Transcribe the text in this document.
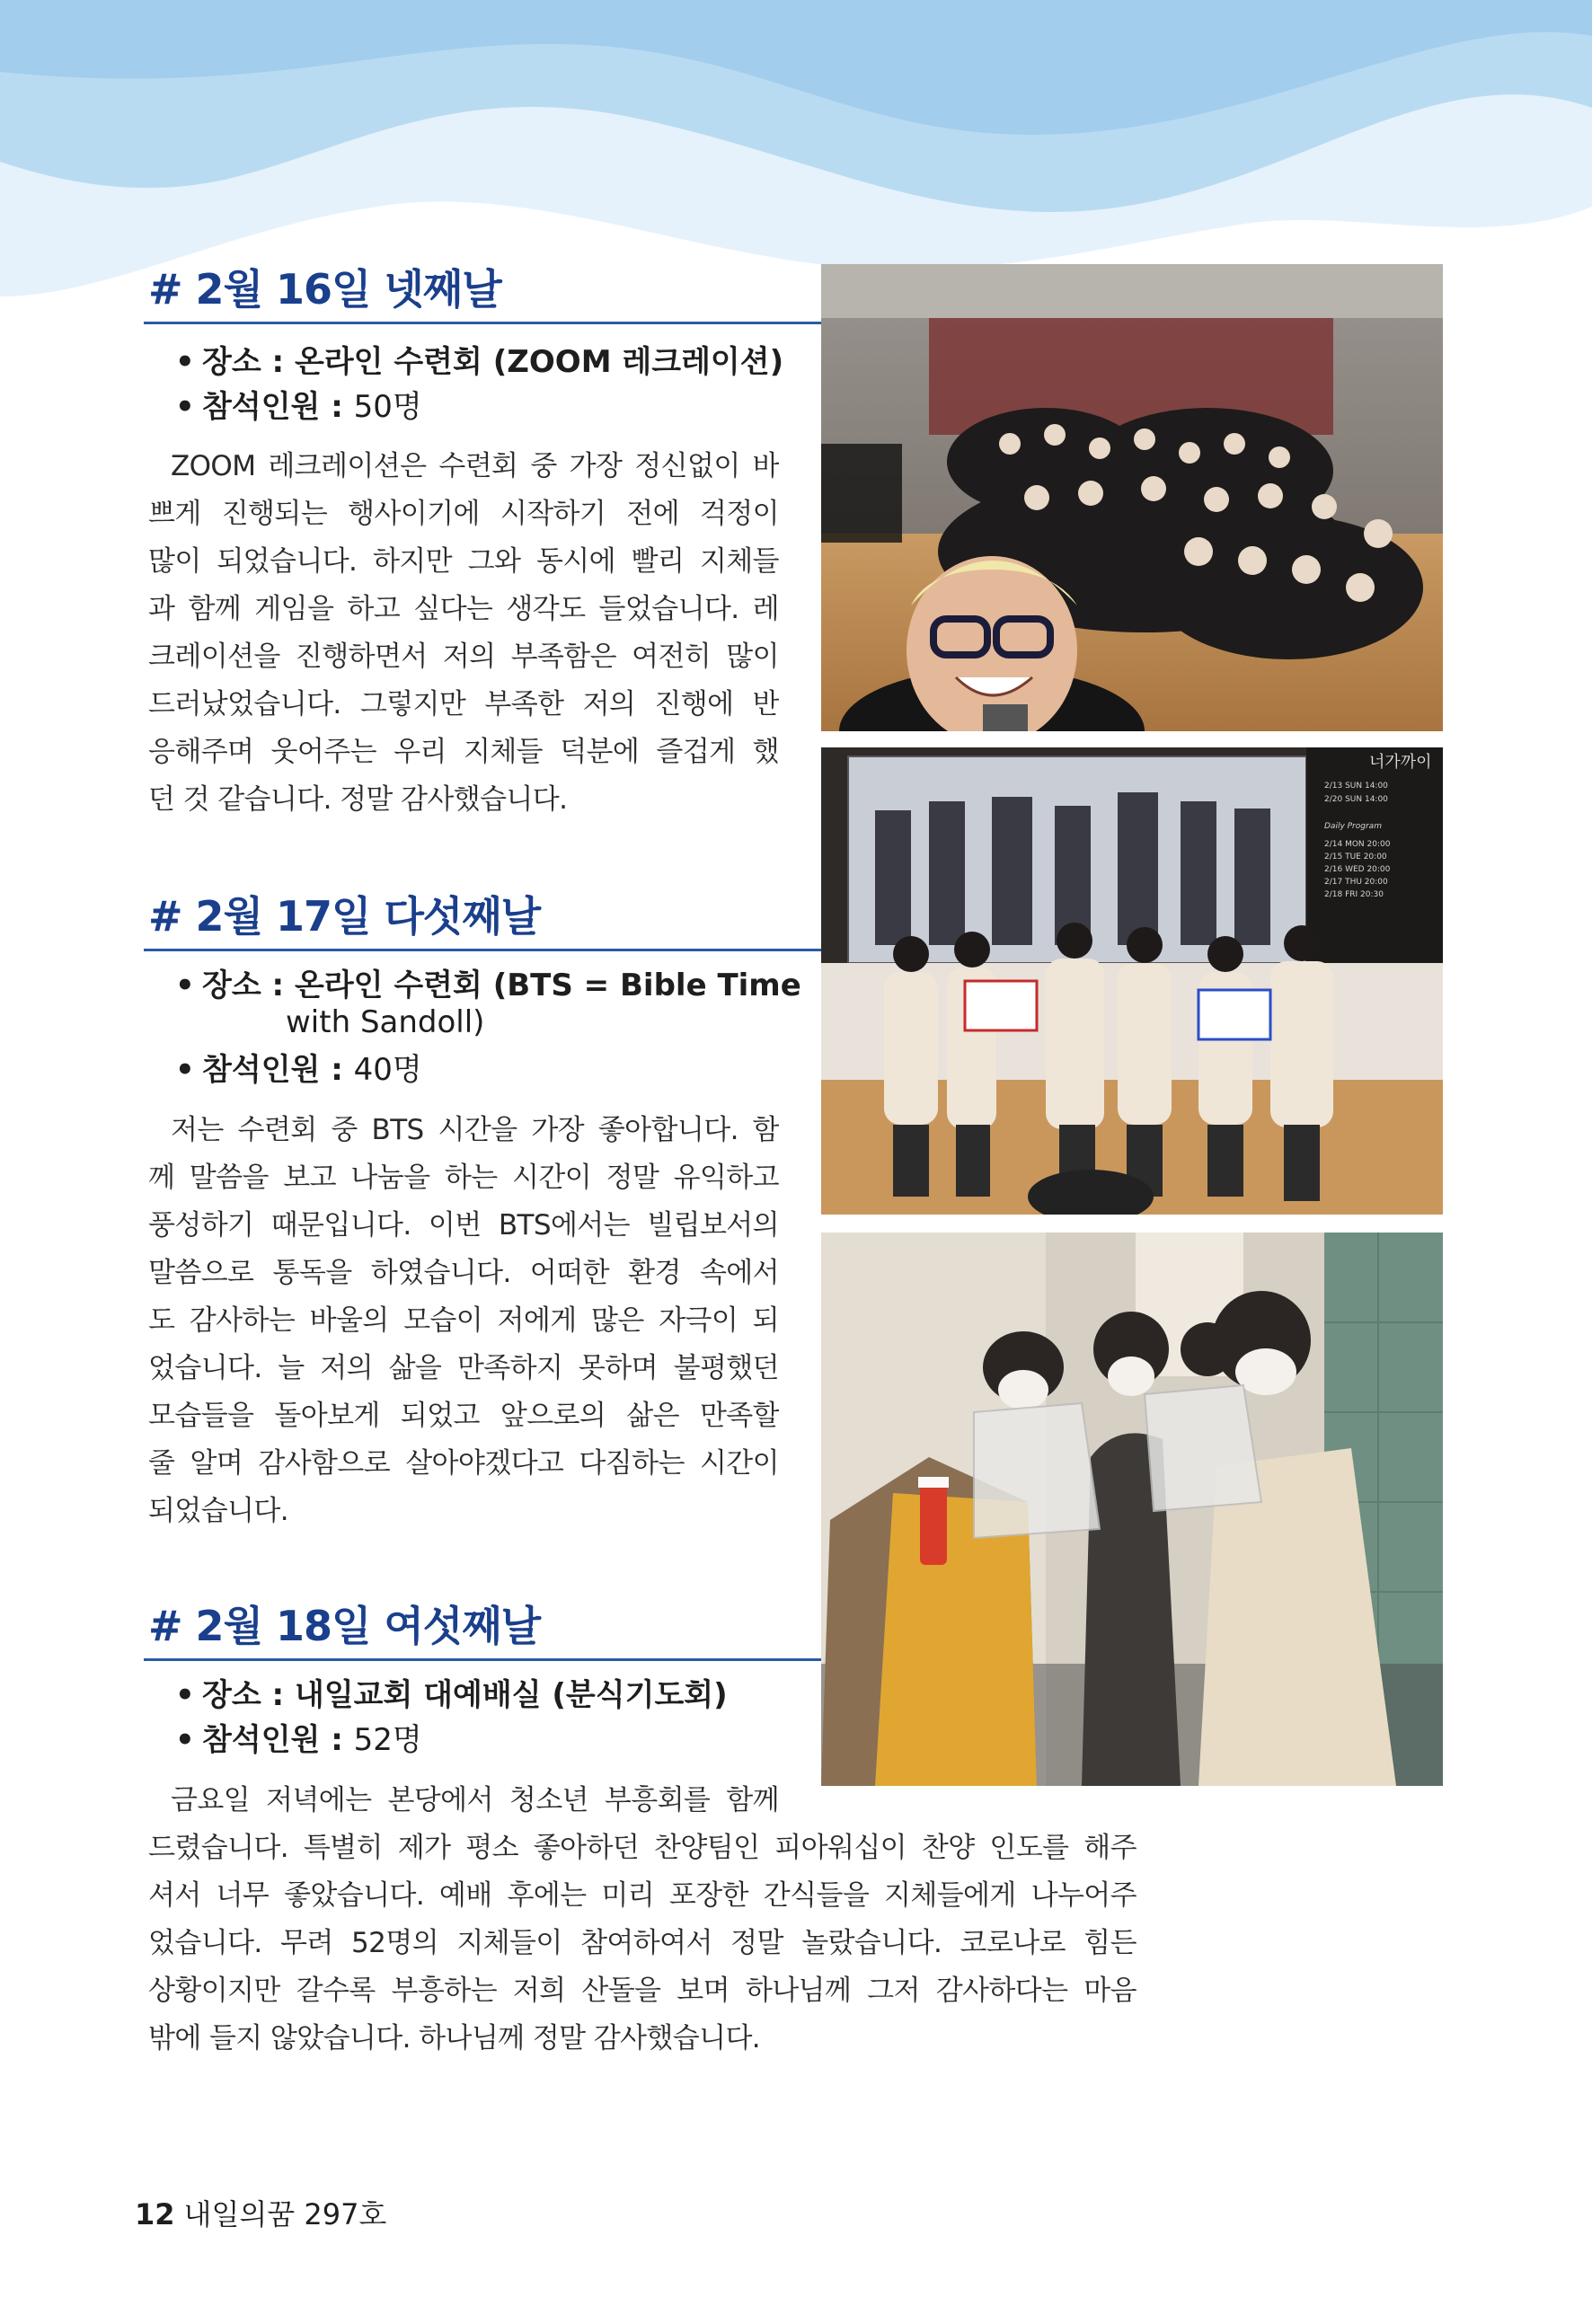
# 2월 16일 넷째날
• 장소 : 온라인 수련회 (ZOOM 레크레이션)
• 참석인원 : 50명
ZOOM 레크레이션은 수련회 중 가장 정신없이 바
쁘게 진행되는 행사이기에 시작하기 전에 걱정이
많이 되었습니다. 하지만 그와 동시에 빨리 지체들
과 함께 게임을 하고 싶다는 생각도 들었습니다. 레
크레이션을 진행하면서 저의 부족함은 여전히 많이
드러났었습니다. 그렇지만 부족한 저의 진행에 반
응해주며 웃어주는 우리 지체들 덕분에 즐겁게 했
던 것 같습니다. 정말 감사했습니다.
# 2월 17일 다섯째날
• 장소 : 온라인 수련회 (BTS = Bible Time
with Sandoll)
• 참석인원 : 40명
저는 수련회 중 BTS 시간을 가장 좋아합니다. 함
께 말씀을 보고 나눔을 하는 시간이 정말 유익하고
풍성하기 때문입니다. 이번 BTS에서는 빌립보서의
말씀으로 통독을 하였습니다. 어떠한 환경 속에서
도 감사하는 바울의 모습이 저에게 많은 자극이 되
었습니다. 늘 저의 삶을 만족하지 못하며 불평했던
모습들을 돌아보게 되었고 앞으로의 삶은 만족할
줄 알며 감사함으로 살아야겠다고 다짐하는 시간이
되었습니다.
# 2월 18일 여섯째날
• 장소 : 내일교회 대예배실 (분식기도회)
• 참석인원 : 52명
금요일 저녁에는 본당에서 청소년 부흥회를 함께
드렸습니다. 특별히 제가 평소 좋아하던 찬양팀인 피아워십이 찬양 인도를 해주
셔서 너무 좋았습니다. 예배 후에는 미리 포장한 간식들을 지체들에게 나누어주
었습니다. 무려 52명의 지체들이 참여하여서 정말 놀랐습니다. 코로나로 힘든
상황이지만 갈수록 부흥하는 저희 산돌을 보며 하나님께 그저 감사하다는 마음
밖에 들지 않았습니다. 하나님께 정말 감사했습니다.
2/13 SUN 14:00
2/20 SUN 14:00
Daily Program
2/14 MON 20:00
2/15 TUE 20:00
2/16 WED 20:00
2/17 THU 20:00
2/18 FRI 20:30
너가까이
12 내일의꿈 297호
